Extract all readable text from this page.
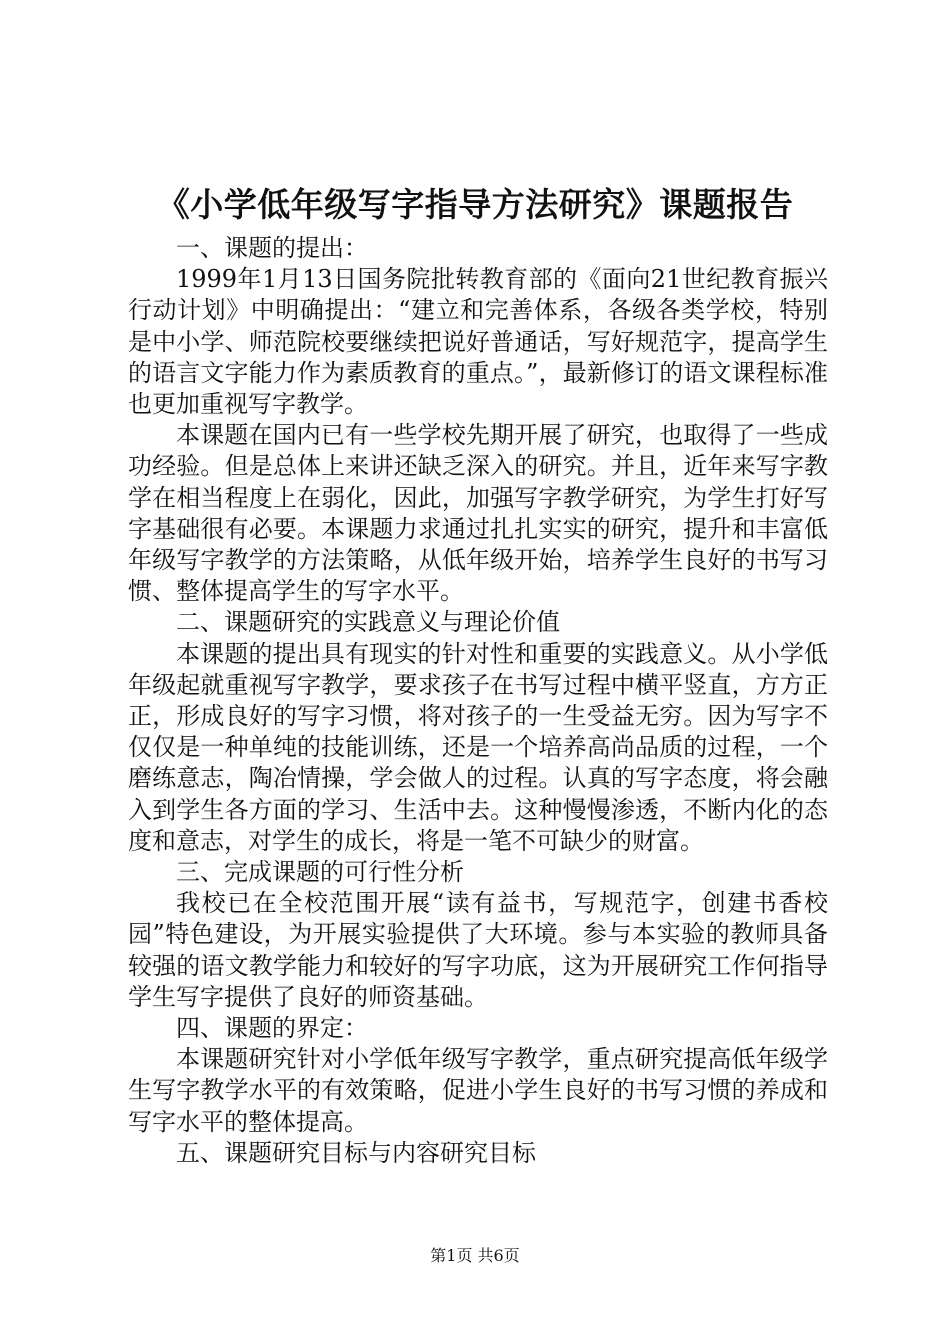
《小学低年级写字指导方法研究》课题报告

一、课题的提出：

1999年1月13日国务院批转教育部的《面向21世纪教育振兴行动计划》中明确提出：“建立和完善体系，各级各类学校，特别是中小学、师范院校要继续把说好普通话，写好规范字，提高学生的语言文字能力作为素质教育的重点。”，最新修订的语文课程标准也更加重视写字教学。

本课题在国内已有一些学校先期开展了研究，也取得了一些成功经验。但是总体上来讲还缺乏深入的研究。并且，近年来写字教学在相当程度上在弱化，因此，加强写字教学研究，为学生打好写字基础很有必要。本课题力求通过扎扎实实的研究，提升和丰富低年级写字教学的方法策略，从低年级开始，培养学生良好的书写习惯、整体提高学生的写字水平。

二、课题研究的实践意义与理论价值

本课题的提出具有现实的针对性和重要的实践意义。从小学低年级起就重视写字教学，要求孩子在书写过程中横平竖直，方方正正，形成良好的写字习惯，将对孩子的一生受益无穷。因为写字不仅仅是一种单纯的技能训练，还是一个培养高尚品质的过程，一个磨练意志，陶冶情操，学会做人的过程。认真的写字态度，将会融入到学生各方面的学习、生活中去。这种慢慢渗透，不断内化的态度和意志，对学生的成长，将是一笔不可缺少的财富。

三、完成课题的可行性分析

我校已在全校范围开展“读有益书，写规范字，创建书香校园”特色建设，为开展实验提供了大环境。参与本实验的教师具备较强的语文教学能力和较好的写字功底，这为开展研究工作何指导学生写字提供了良好的师资基础。

四、课题的界定：

本课题研究针对小学低年级写字教学，重点研究提高低年级学生写字教学水平的有效策略，促进小学生良好的书写习惯的养成和写字水平的整体提高。

五、课题研究目标与内容研究目标

第1页 共6页
